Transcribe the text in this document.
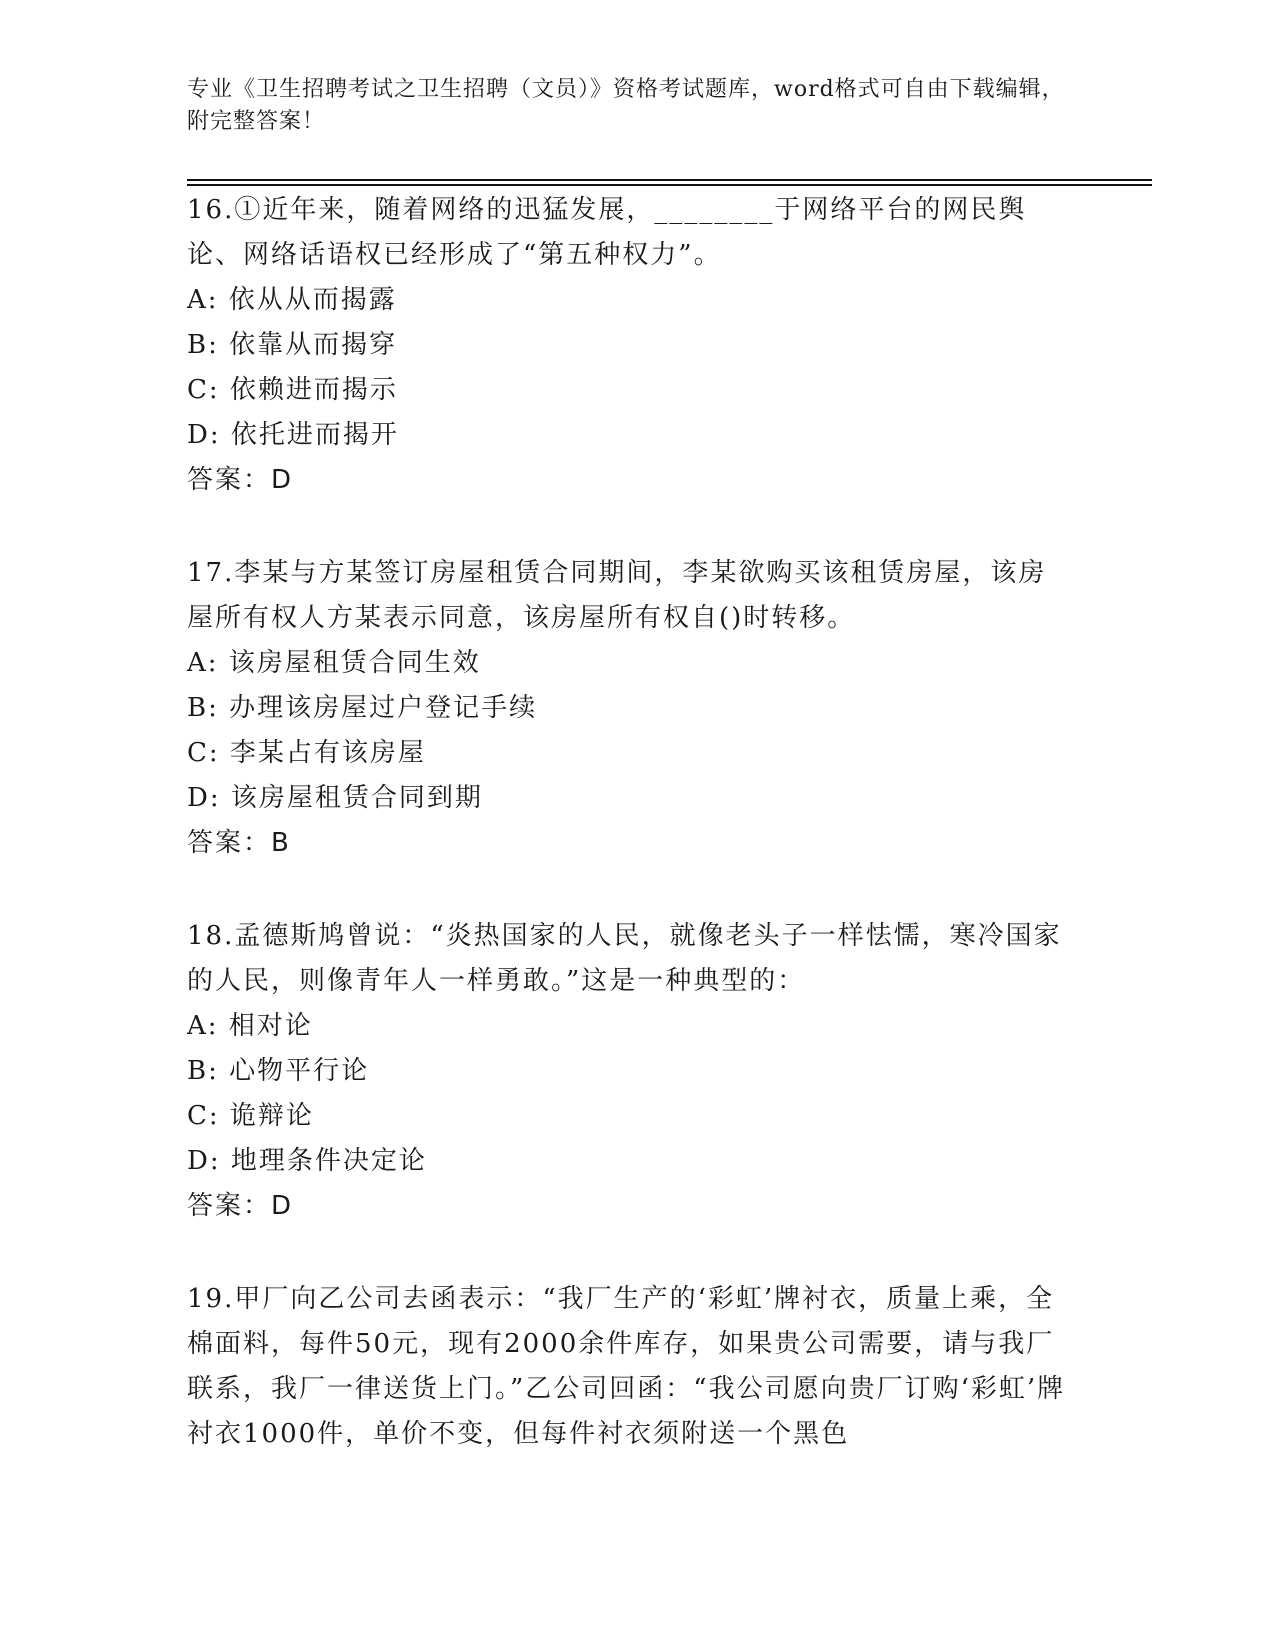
专业《卫生招聘考试之卫生招聘（文员）》资格考试题库，word格式可自由下载编辑，附完整答案！

16.①近年来，随着网络的迅猛发展，________于网络平台的网民舆论、网络话语权已经形成了“第五种权力”。

A: 依从从而揭露

B: 依靠从而揭穿

C: 依赖进而揭示

D: 依托进而揭开

答案：D

17.李某与方某签订房屋租赁合同期间，李某欲购买该租赁房屋，该房屋所有权人方某表示同意，该房屋所有权自()时转移。

A: 该房屋租赁合同生效

B: 办理该房屋过户登记手续

C: 李某占有该房屋

D: 该房屋租赁合同到期

答案：B

18.孟德斯鸠曾说：“炎热国家的人民，就像老头子一样怯懦，寒冷国家的人民，则像青年人一样勇敢。”这是一种典型的：

A: 相对论

B: 心物平行论

C: 诡辩论

D: 地理条件决定论

答案：D

19.甲厂向乙公司去函表示：“我厂生产的‘彩虹’牌衬衣，质量上乘，全棉面料，每件50元，现有2000余件库存，如果贵公司需要，请与我厂联系，我厂一律送货上门。”乙公司回函：“我公司愿向贵厂订购‘彩虹’牌衬衣1000件，单价不变，但每件衬衣须附送一个黑色
